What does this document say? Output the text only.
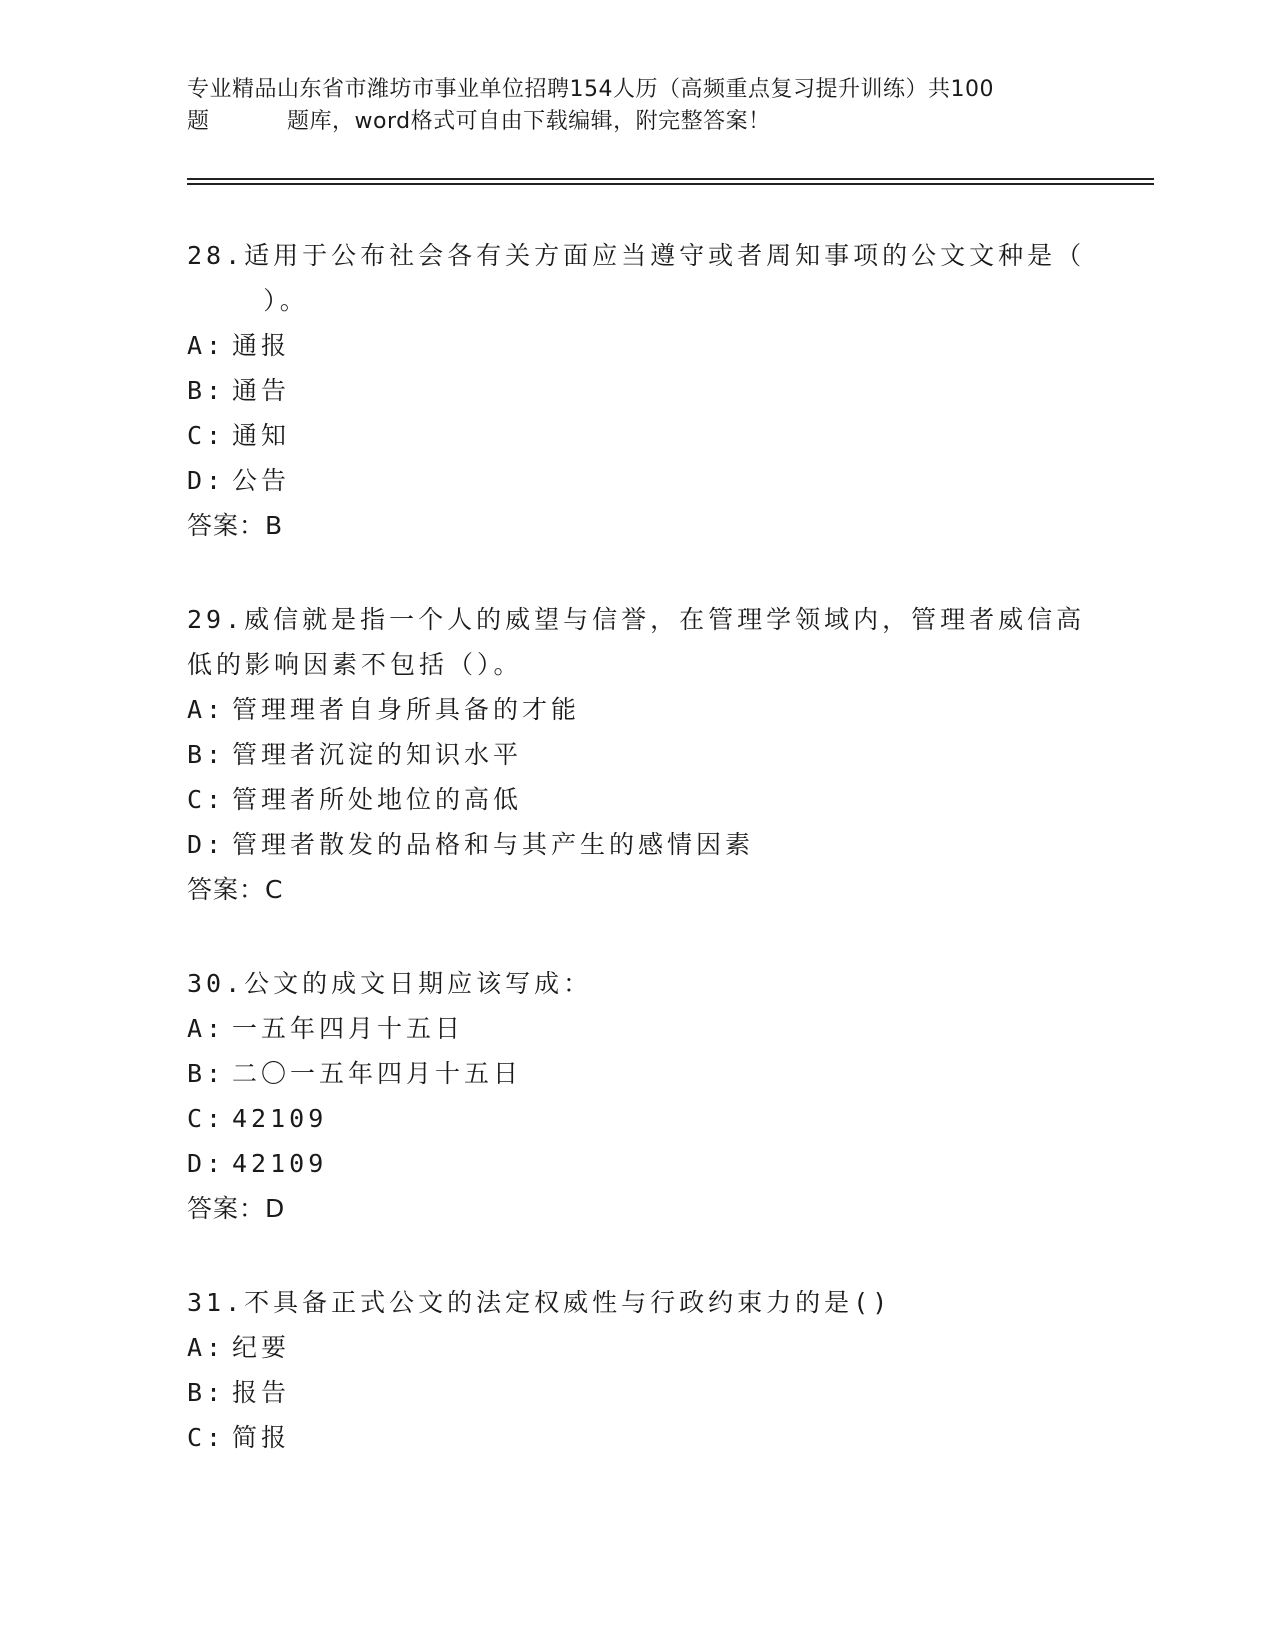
专业精品山东省市潍坊市事业单位招聘154人历（高频重点复习提升训练）共100
题	题库，word格式可自由下载编辑，附完整答案！

28.适用于公布社会各有关方面应当遵守或者周知事项的公文文种是（
）。

A: 通报
B: 通告
C: 通知
D: 公告
答案：B

29.威信就是指一个人的威望与信誉，在管理学领域内，管理者威信高
低的影响因素不包括（）。

A: 管理理者自身所具备的才能
B: 管理者沉淀的知识水平
C: 管理者所处地位的高低
D: 管理者散发的品格和与其产生的感情因素
答案：C

30.公文的成文日期应该写成：

A: 一五年四月十五日
B: 二〇一五年四月十五日
C: 42109
D: 42109
答案：D

31.不具备正式公文的法定权威性与行政约束力的是()

A: 纪要
B: 报告
C: 简报
